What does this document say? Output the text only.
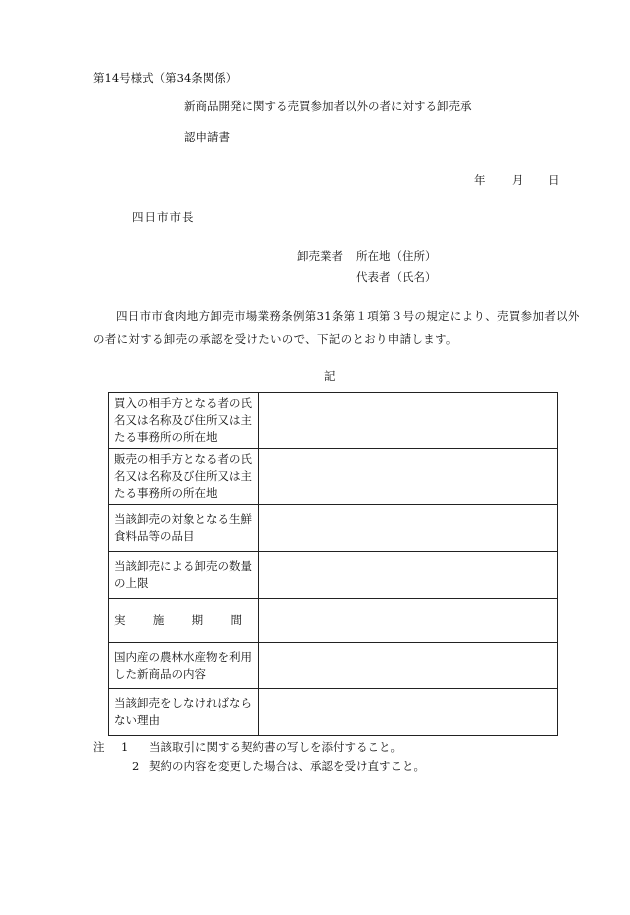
第14号様式（第34条関係）
新商品開発に関する売買参加者以外の者に対する卸売承
認申請書
年 月 日
四日市市長
卸売業者 所在地（住所）
代表者（氏名）
四日市市食肉地方卸売市場業務条例第31条第１項第３号の規定により、売買参加者以外の者に対する卸売の承認を受けたいので、下記のとおり申請します。
記
買入の相手方となる者の氏名又は名称及び住所又は主たる事務所の所在地	
販売の相手方となる者の氏名又は名称及び住所又は主たる事務所の所在地	
当該卸売の対象となる生鮮食料品等の品目	
当該卸売による卸売の数量の上限	

実 施 期 間	

国内産の農林水産物を利用した新商品の内容	
当該卸売をしなければならない理由	
注	1	当該取引に関する契約書の写しを添付すること。
2 契約の内容を変更した場合は、承認を受け直すこと。
